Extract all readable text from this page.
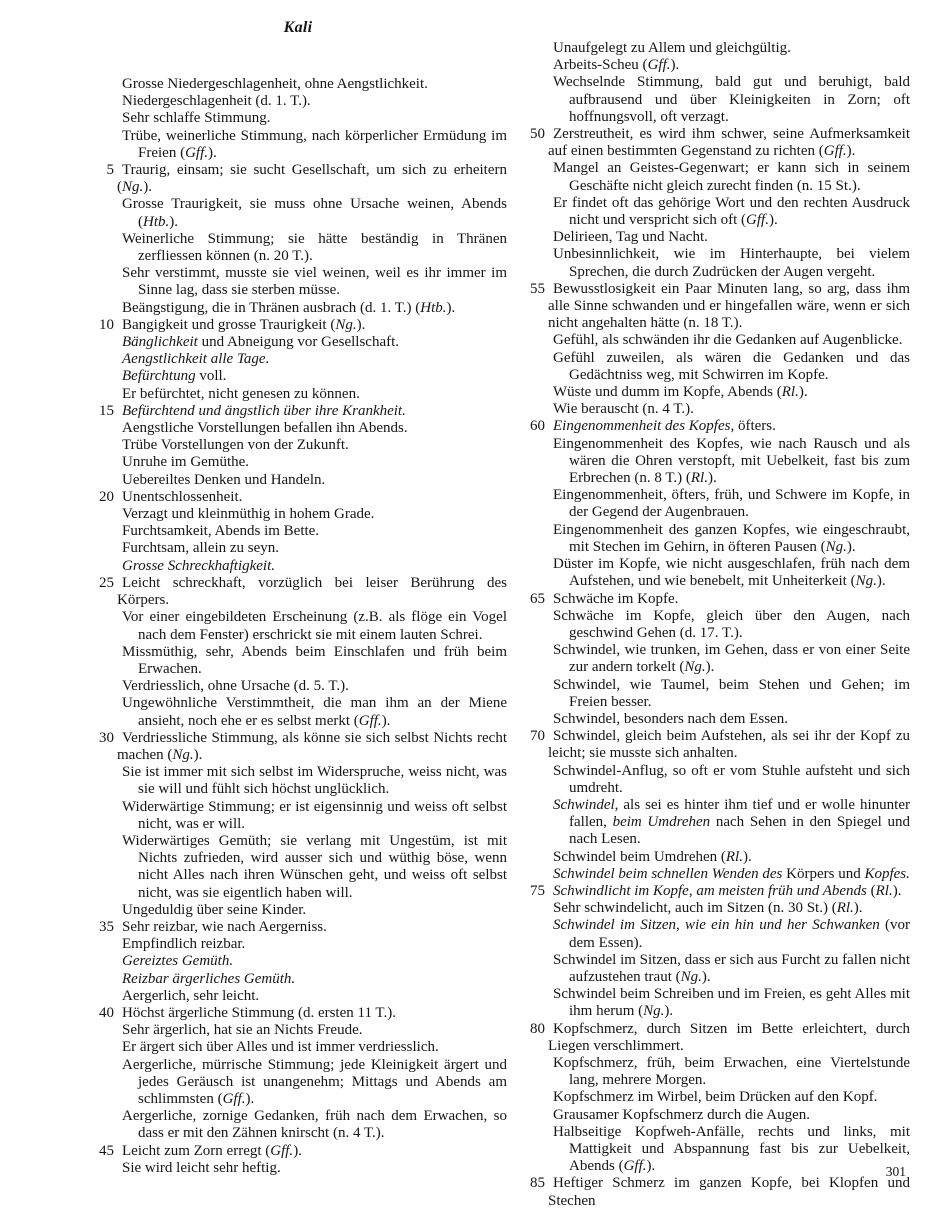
Kali

Grosse Niedergeschlagenheit, ohne Aengstlichkeit.

Niedergeschlagenheit (d. 1. T.).

Sehr schlaffe Stimmung.

Trübe, weinerliche Stimmung, nach körperlicher Ermüdung im Freien (Gff.).

5 Traurig, einsam; sie sucht Gesellschaft, um sich zu erheitern (Ng.).

Grosse Traurigkeit, sie muss ohne Ursache weinen, Abends (Htb.).

Weinerliche Stimmung; sie hätte beständig in Thränen zerfliessen können (n. 20 T.).

Sehr verstimmt, musste sie viel weinen, weil es ihr immer im Sinne lag, dass sie sterben müsse.

Beängstigung, die in Thränen ausbrach (d. 1. T.) (Htb.).

10 Bangigkeit und grosse Traurigkeit (Ng.).

Bänglichkeit und Abneigung vor Gesellschaft.

Aengstlichkeit alle Tage.

Befürchtung voll.

Er befürchtet, nicht genesen zu können.

15 Befürchtend und ängstlich über ihre Krankheit.

Aengstliche Vorstellungen befallen ihn Abends.

Trübe Vorstellungen von der Zukunft.

Unruhe im Gemüthe.

Uebereiltes Denken und Handeln.

20 Unentschlossenheit.

Verzagt und kleinmüthig in hohem Grade.

Furchtsamkeit, Abends im Bette.

Furchtsam, allein zu seyn.

Grosse Schreckhaftigkeit.

25 Leicht schreckhaft, vorzüglich bei leiser Berührung des Körpers.

Vor einer eingebildeten Erscheinung (z.B. als flöge ein Vogel nach dem Fenster) erschrickt sie mit einem lauten Schrei.

Missmüthig, sehr, Abends beim Einschlafen und früh beim Erwachen.

Verdriesslich, ohne Ursache (d. 5. T.).

Ungewöhnliche Verstimmtheit, die man ihm an der Miene ansieht, noch ehe er es selbst merkt (Gff.).

30 Verdriessliche Stimmung, als könne sie sich selbst Nichts recht machen (Ng.).

Sie ist immer mit sich selbst im Widerspruche, weiss nicht, was sie will und fühlt sich höchst unglücklich.

Widerwärtige Stimmung; er ist eigensinnig und weiss oft selbst nicht, was er will.

Widerwärtiges Gemüth; sie verlang mit Ungestüm, ist mit Nichts zufrieden, wird ausser sich und wüthig böse, wenn nicht Alles nach ihren Wünschen geht, und weiss oft selbst nicht, was sie eigentlich haben will.

Ungeduldig über seine Kinder.

35 Sehr reizbar, wie nach Aergerniss.

Empfindlich reizbar.

Gereiztes Gemüth.

Reizbar ärgerliches Gemüth.

Aergerlich, sehr leicht.

40 Höchst ärgerliche Stimmung (d. ersten 11 T.).

Sehr ärgerlich, hat sie an Nichts Freude.

Er ärgert sich über Alles und ist immer verdriesslich.

Aergerliche, mürrische Stimmung; jede Kleinigkeit ärgert und jedes Geräusch ist unangenehm; Mittags und Abends am schlimmsten (Gff.).

Aergerliche, zornige Gedanken, früh nach dem Erwachen, so dass er mit den Zähnen knirscht (n. 4 T.).

45 Leicht zum Zorn erregt (Gff.).

Sie wird leicht sehr heftig.

Unaufgelegt zu Allem und gleichgültig.

Arbeits-Scheu (Gff.).

Wechselnde Stimmung, bald gut und beruhigt, bald aufbrausend und über Kleinigkeiten in Zorn; oft hoffnungsvoll, oft verzagt.

50 Zerstreutheit, es wird ihm schwer, seine Aufmerksamkeit auf einen bestimmten Gegenstand zu richten (Gff.).

Mangel an Geistes-Gegenwart; er kann sich in seinem Geschäfte nicht gleich zurecht finden (n. 15 St.).

Er findet oft das gehörige Wort und den rechten Ausdruck nicht und verspricht sich oft (Gff.).

Delirieen, Tag und Nacht.

Unbesinnlichkeit, wie im Hinterhaupte, bei vielem Sprechen, die durch Zudrücken der Augen vergeht.

55 Bewusstlosigkeit ein Paar Minuten lang, so arg, dass ihm alle Sinne schwanden und er hingefallen wäre, wenn er sich nicht angehalten hätte (n. 18 T.).

Gefühl, als schwänden ihr die Gedanken auf Augenblicke.

Gefühl zuweilen, als wären die Gedanken und das Gedächtniss weg, mit Schwirren im Kopfe.

Wüste und dumm im Kopfe, Abends (Rl.).

Wie berauscht (n. 4 T.).

60 Eingenommenheit des Kopfes, öfters.

Eingenommenheit des Kopfes, wie nach Rausch und als wären die Ohren verstopft, mit Uebelkeit, fast bis zum Erbrechen (n. 8 T.) (Rl.).

Eingenommenheit, öfters, früh, und Schwere im Kopfe, in der Gegend der Augenbrauen.

Eingenommenheit des ganzen Kopfes, wie eingeschraubt, mit Stechen im Gehirn, in öfteren Pausen (Ng.).

Düster im Kopfe, wie nicht ausgeschlafen, früh nach dem Aufstehen, und wie benebelt, mit Unheiterkeit (Ng.).

65 Schwäche im Kopfe.

Schwäche im Kopfe, gleich über den Augen, nach geschwind Gehen (d. 17. T.).

Schwindel, wie trunken, im Gehen, dass er von einer Seite zur andern torkelt (Ng.).

Schwindel, wie Taumel, beim Stehen und Gehen; im Freien besser.

Schwindel, besonders nach dem Essen.

70 Schwindel, gleich beim Aufstehen, als sei ihr der Kopf zu leicht; sie musste sich anhalten.

Schwindel-Anflug, so oft er vom Stuhle aufsteht und sich umdreht.

Schwindel, als sei es hinter ihm tief und er wolle hinunter fallen, beim Umdrehen nach Sehen in den Spiegel und nach Lesen.

Schwindel beim Umdrehen (Rl.).

Schwindel beim schnellen Wenden des Körpers und Kopfes.

75 Schwindlicht im Kopfe, am meisten früh und Abends (Rl.).

Sehr schwindelicht, auch im Sitzen (n. 30 St.) (Rl.).

Schwindel im Sitzen, wie ein hin und her Schwanken (vor dem Essen).

Schwindel im Sitzen, dass er sich aus Furcht zu fallen nicht aufzustehen traut (Ng.).

Schwindel beim Schreiben und im Freien, es geht Alles mit ihm herum (Ng.).

80 Kopfschmerz, durch Sitzen im Bette erleichtert, durch Liegen verschlimmert.

Kopfschmerz, früh, beim Erwachen, eine Viertelstunde lang, mehrere Morgen.

Kopfschmerz im Wirbel, beim Drücken auf den Kopf.

Grausamer Kopfschmerz durch die Augen.

Halbseitige Kopfweh-Anfälle, rechts und links, mit Mattigkeit und Abspannung fast bis zur Uebelkeit, Abends (Gff.).

85 Heftiger Schmerz im ganzen Kopfe, bei Klopfen und Stechen

301
